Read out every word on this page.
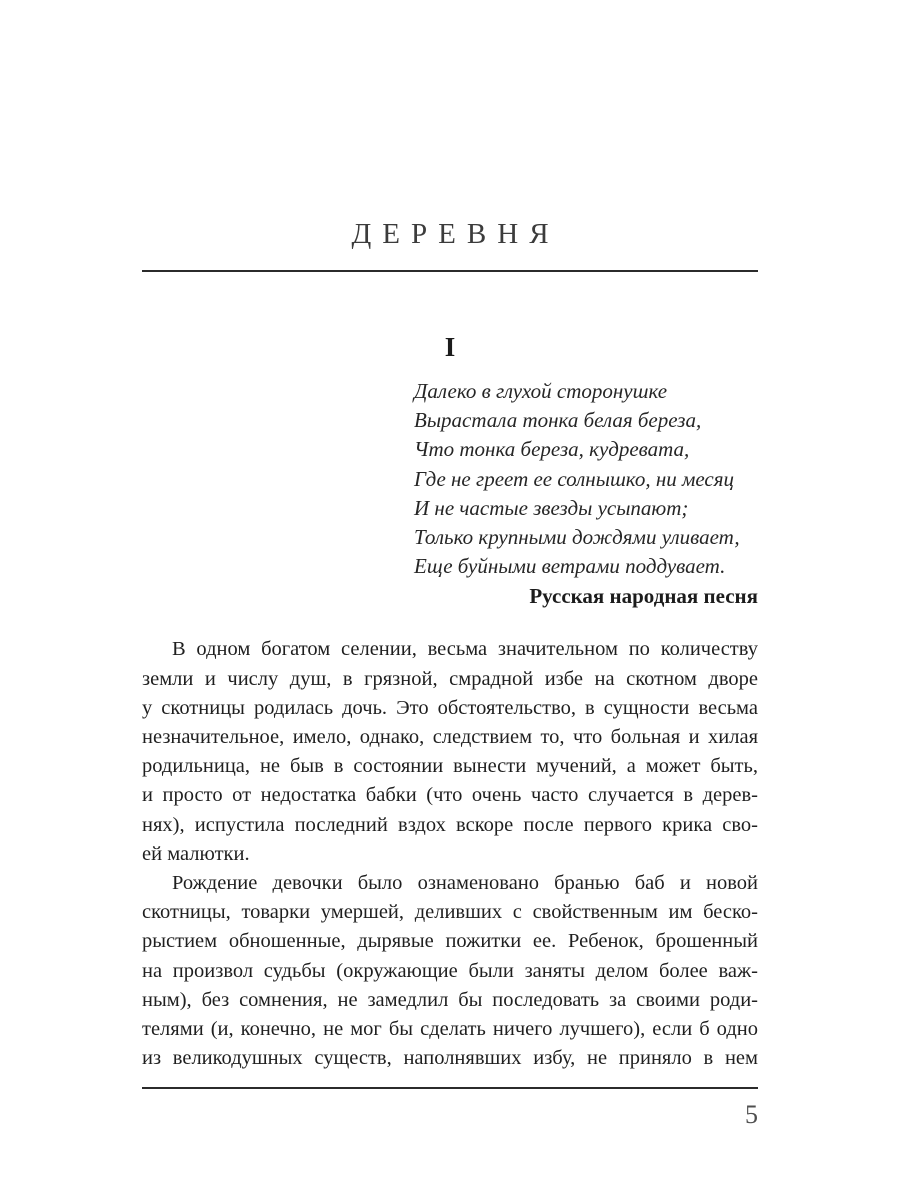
ДЕРЕВНЯ
I
Далеко в глухой сторонушке
Вырастала тонка белая береза,
Что тонка береза, кудревата,
Где не греет ее солнышко, ни месяц
И не частые звезды усыпают;
Только крупными дождями уливает,
Еще буйными ветрами поддувает.
Русская народная песня
В одном богатом селении, весьма значительном по количеству
земли и числу душ, в грязной, смрадной избе на скотном дворе
у скотницы родилась дочь. Это обстоятельство, в сущности весьма
незначительное, имело, однако, следствием то, что больная и хилая
родильница, не быв в состоянии вынести мучений, а может быть,
и просто от недостатка бабки (что очень часто случается в дерев-
нях), испустила последний вздох вскоре после первого крика сво-
ей малютки.
Рождение девочки было ознаменовано бранью баб и новой
скотницы, товарки умершей, деливших с свойственным им беско-
рыстием обношенные, дырявые пожитки ее. Ребенок, брошенный
на произвол судьбы (окружающие были заняты делом более важ-
ным), без сомнения, не замедлил бы последовать за своими роди-
телями (и, конечно, не мог бы сделать ничего лучшего), если б одно
из великодушных существ, наполнявших избу, не приняло в нем
5
